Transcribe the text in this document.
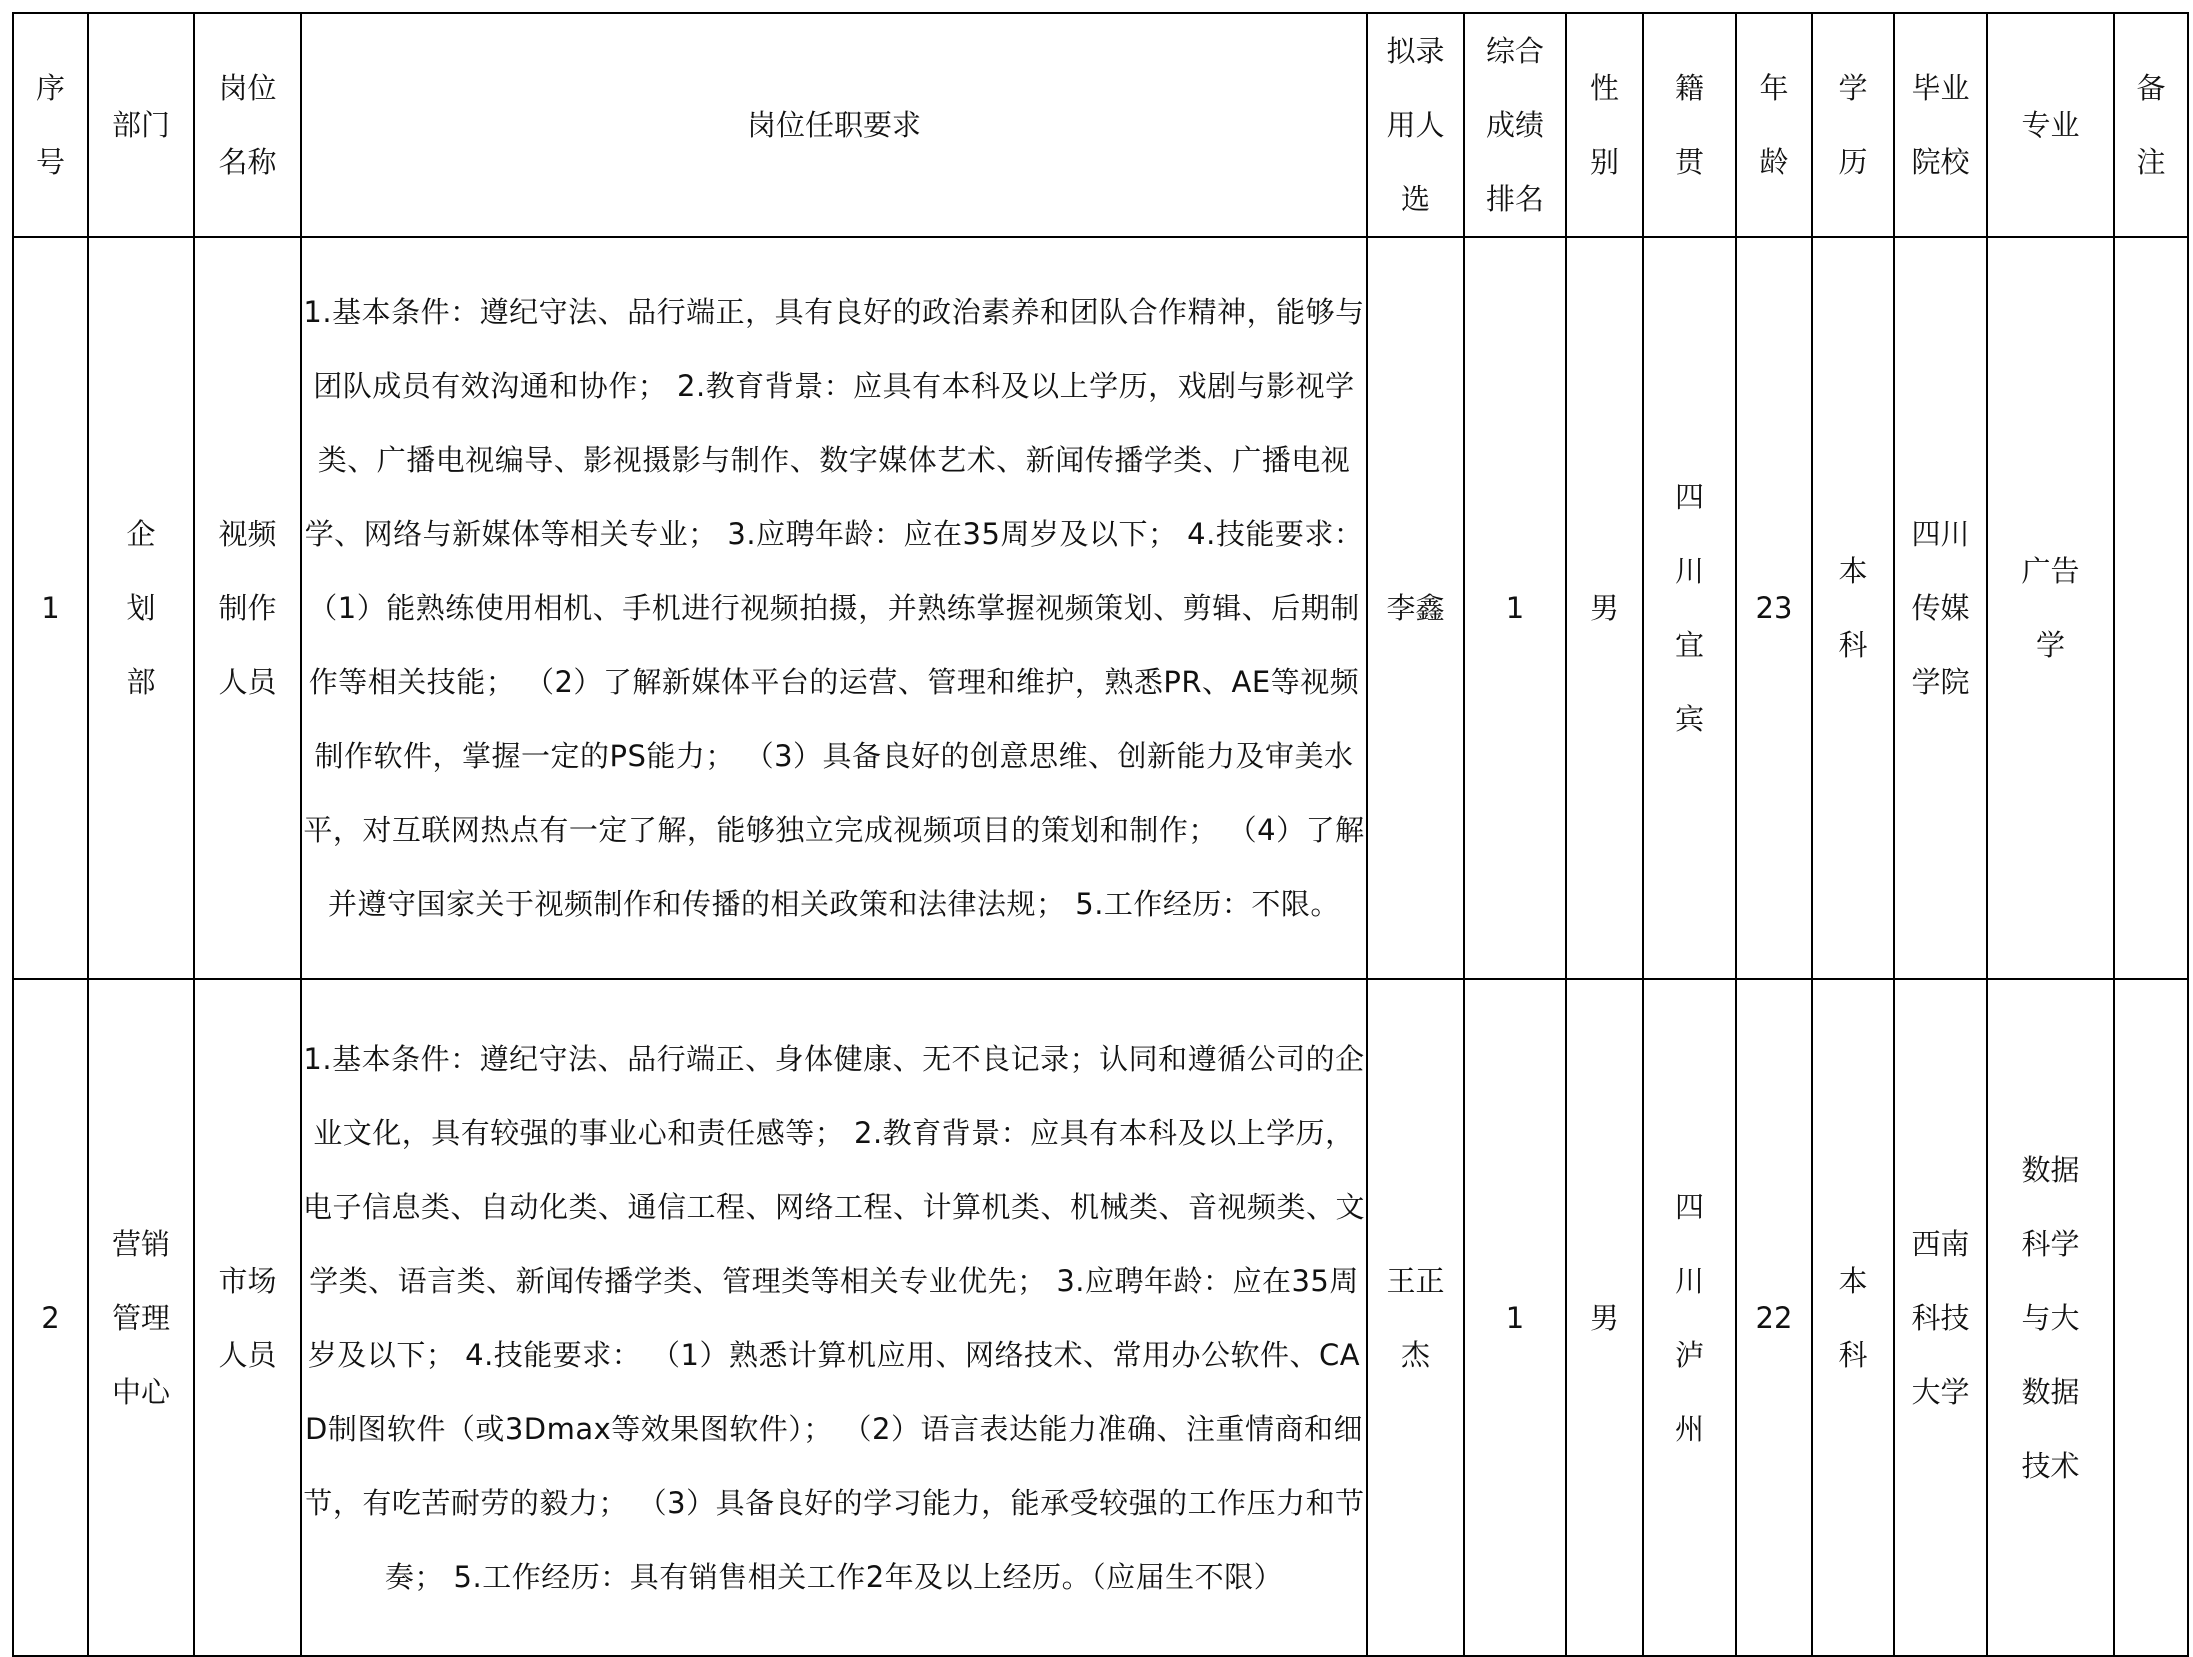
序号	部门	岗位名称	岗位任职要求	拟录用人选	综合成绩排名	性别	籍贯	年龄	学历	毕业院校	专业	备注

1	企划部	视频制作人员	1.基本条件：遵纪守法、品行端正，具有良好的政治素养和团队合作精神，能够与团队成员有效沟通和协作； 2.教育背景：应具有本科及以上学历，戏剧与影视学类、广播电视编导、影视摄影与制作、数字媒体艺术、新闻传播学类、广播电视学、网络与新媒体等相关专业； 3.应聘年龄：应在35周岁及以下； 4.技能要求： （1）能熟练使用相机、手机进行视频拍摄，并熟练掌握视频策划、剪辑、后期制作等相关技能； （2）了解新媒体平台的运营、管理和维护，熟悉PR、AE等视频制作软件，掌握一定的PS能力； （3）具备良好的创意思维、创新能力及审美水平，对互联网热点有一定了解，能够独立完成视频项目的策划和制作； （4）了解并遵守国家关于视频制作和传播的相关政策和法律法规； 5.工作经历：不限。	李鑫	1	男	四川宜宾	23	本科	四川传媒学院	广告学	

2	营销管理中心	市场人员	1.基本条件：遵纪守法、品行端正、身体健康、无不良记录；认同和遵循公司的企业文化，具有较强的事业心和责任感等； 2.教育背景：应具有本科及以上学历，电子信息类、自动化类、通信工程、网络工程、计算机类、机械类、音视频类、文学类、语言类、新闻传播学类、管理类等相关专业优先； 3.应聘年龄：应在35周岁及以下； 4.技能要求： （1）熟悉计算机应用、网络技术、常用办公软件、CAD制图软件（或3Dmax等效果图软件）； （2）语言表达能力准确、注重情商和细节，有吃苦耐劳的毅力； （3）具备良好的学习能力，能承受较强的工作压力和节奏； 5.工作经历：具有销售相关工作2年及以上经历。（应届生不限）	王正杰	1	男	四川泸州	22	本科	西南科技大学	数据科学与大数据技术	
